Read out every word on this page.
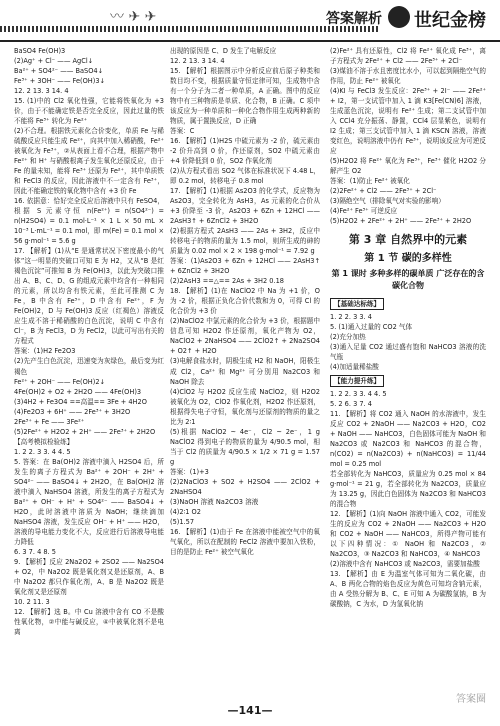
〰 ✈ ✈	答案解析 世纪金榜

BaSO4 Fe(OH)3

(2)Ag⁺ + Cl⁻ —— AgCl↓

Ba²⁺ + SO4²⁻ —— BaSO4↓

Fe³⁺ + 3OH⁻ —— Fe(OH)3↓

12. 2 13. 3 14. 4

15. (1)中的 Cl2 氧化性强，它能将铁氧化为 +3 价，由于不能确定铁是否完全反应，因此过量的铁不能将 Fe³⁺ 转化为 Fe²⁺

(2)不合理。根据铁元素化合价变化，单质 Fe 与稀硫酸反应只能生成 Fe²⁺，向其中加入稀硝酸，Fe²⁺ 被氧化为 Fe³⁺，②从表面上看不合理，根据产物中 Fe²⁺ 和 H⁺ 与硝酸根离子发生氧化还原反应，由于 Fe 的量未知，能将 Fe³⁺ 还原为 Fe²⁺，其中单质铁和 FeCl3 的反应，因此溶液中不一定含有 Fe³⁺，因此不能确定铁的氧化物中含有 +3 价 Fe

16. 依据意：恰好完全反应后溶液中只有 FeSO4，根据 S 元素守恒 n(Fe²⁺) = n(SO4²⁻) = n(H2SO4) = 0.1 mol·L⁻¹ × 1 L × 50 mL × 10⁻³ L·mL⁻¹ = 0.1 mol，即 m(Fe) = 0.1 mol × 56 g·mol⁻¹ = 5.6 g

17. 【解析】(1)从“E 是通常状况下密度最小的气体”这一明显的突破口可知 E 为 H2，又从“B 是红褐色沉淀”可推知 B 为 Fe(OH)3，以此为突破口推出 A、B、C、D、G 的组成元素中均含有一种相同的元素，所以均含有铁元素，至此可推测 C 为 Fe，B 中含有 Fe³⁺，D 中含有 Fe²⁺，F 为 Fe(OH)2，D 与 Fe(OH)3 反应（红褐色）溶液反应生成不溶于稀硝酸的白色沉淀，说明 C 中含有 Cl⁻，B 为 FeCl3，D 为 FeCl2，以此可写出有关的方程式

答案：(1)H2 Fe2O3

(2)先产生白色沉淀，迅速变为灰绿色，最后变为红褐色

Fe²⁺ + 2OH⁻ —— Fe(OH)2↓

4Fe(OH)2 + O2 + 2H2O —— 4Fe(OH)3

(3)4H2 + Fe3O4 ==高温== 3Fe + 4H2O

(4)Fe2O3 + 6H⁺ —— 2Fe³⁺ + 3H2O

2Fe³⁺ + Fe —— 3Fe²⁺

(5)2Fe²⁺ + H2O2 + 2H⁺ —— 2Fe³⁺ + 2H2O

【高考模拟检验练】

1. 2 2. 3 3. 4 4. 5

5. 答案：在 Ba(OH)2 溶液中滴入 H2SO4 后，所发生的离子方程式为 Ba²⁺ + 2OH⁻ + 2H⁺ + SO4²⁻ —— BaSO4↓ + 2H2O，在 Ba(OH)2 溶液中滴入 NaHSO4 溶液，所发生的离子方程式为 Ba²⁺ + OH⁻ + H⁺ + SO4²⁻ —— BaSO4↓ + H2O，此时溶液中溶质为 NaOH；继续滴加 NaHSO4 溶液，发生反应 OH⁻ + H⁺ —— H2O，溶液的导电能力变化不大，反应进行后溶液导电能力降低

6. 3 7. 4 8. 5

9. 【解析】反应 2Na2O2 + 2SO2 —— Na2SO4 + O2，中 Na2O2 既是氧化剂又是还原剂，A、B 中 Na2O2 都只作氧化剂，A、B 是 Na2O2 既是氧化剂又是还原剂

10. 2 11. 3

12. 【解析】选 B。中 Cu 溶液中含有 CO 不是酸性氧化物，②中能与碱反应，④中被氧化剂不是电离

出现的原因是 C、D 发生了电解反应

12. 2 13. 3 14. 4

15. 【解析】根据图示中分析反应前后原子种类和数目均不变，根据质量守恒定律可知，生成物中含有一个分子为二者一种单质，A 正确。图中的反应物中有三种物质是单质、化合物，B 正确。C 项中该反应为一种单质和一种化合物作用生成两种新的物质，属于置换反应，D 正确

答案：C

16. 【解析】(1)H2S 中硫元素为 -2 价，硫元素由 -2 价升高到 0 价，作还原剂，SO2 中硫元素由 +4 价降低到 0 价，SO2 作氧化剂

(2)从方程式看出 SO2 气体在标准状况下 4.48 L，即 0.2 mol，转移电子 0.8 mol

17. 【解析】(1)根据 As2O3 的化学式，反应物为 As2O3，完全转化为 AsH3，As 元素的化合价从 +3 价降至 -3 价，As2O3 + 6Zn + 12HCl —— 2AsH3↑ + 6ZnCl2 + 3H2O

(2)根据方程式 2AsH3 —— 2As + 3H2，反应中转移电子的物质的量为 1.5 mol，则所生成的砷的质量为 0.02 mol × 2 × 198 g·mol⁻¹ = 7.92 g

答案：(1)As2O3 + 6Zn + 12HCl —— 2AsH3↑ + 6ZnCl2 + 3H2O

(2)2AsH3 ==△== 2As + 3H2 0.18

18. 【解析】(1)在 NaClO2 中 Na 为 +1 价，O 为 -2 价，根据正负化合价代数和为 0，可得 Cl 的化合价为 +3 价

(2)NaClO2 中氯元素的化合价为 +3 价，根据题中信息可知 H2O2 作还原剂，氧化产物为 O2，NaClO2 + 2NaHSO4 —— 2ClO2↑ + 2Na2SO4 + O2↑ + H2O

(3)电解食盐水时，阴极生成 H2 和 NaOH，阳极生成 Cl2，Ca²⁺ 和 Mg²⁺ 可分别用 Na2CO3 和 NaOH 除去

(4)ClO2 与 H2O2 反应生成 NaClO2，则 H2O2 被氧化为 O2，ClO2 作氧化剂，H2O2 作还原剂，根据得失电子守恒，氧化剂与还原剂的物质的量之比为 2∶1

(5)根据 NaClO2 ~ 4e⁻，Cl2 ~ 2e⁻，1 g NaClO2 得到电子的物质的量为 4/90.5 mol，相当于 Cl2 的质量为 4/90.5 × 1/2 × 71 g = 1.57 g

答案：(1)+3

(2)2NaClO3 + SO2 + H2SO4 —— 2ClO2 + 2NaHSO4

(3)NaOH 溶液 Na2CO3 溶液

(4)2∶1 O2

(5)1.57

16. 【解析】(1)由于 Fe 在溶液中能被空气中的氧气氧化，所以在配制的 FeCl2 溶液中要加入铁粉，目的是防止 Fe²⁺ 被空气氧化

(2)Fe²⁺ 具有还原性，Cl2 将 Fe²⁺ 氧化成 Fe³⁺，离子方程式为 2Fe²⁺ + Cl2 —— 2Fe³⁺ + 2Cl⁻

(3)煤油不溶于水且密度比水小，可以起到隔绝空气的作用，防止 Fe²⁺ 被氧化

(4)KI 与 FeCl3 发生反应：2Fe³⁺ + 2I⁻ —— 2Fe²⁺ + I2，第一支试管中加入 1 滴 K3[Fe(CN)6] 溶液，生成蓝色沉淀，说明有 Fe²⁺ 生成；第二支试管中加入 CCl4 充分振荡、静置，CCl4 层显紫色，说明有 I2 生成；第三支试管中加入 1 滴 KSCN 溶液，溶液变红色，说明溶液中仍有 Fe³⁺，说明该反应为可逆反应

(5)H2O2 将 Fe²⁺ 氧化为 Fe³⁺，Fe³⁺ 催化 H2O2 分解产生 O2

答案：(1)防止 Fe²⁺ 被氧化

(2)2Fe²⁺ + Cl2 —— 2Fe³⁺ + 2Cl⁻

(3)隔绝空气（排除氧气对实验的影响）

(4)Fe²⁺ Fe³⁺ 可逆反应

(5)H2O2 + 2Fe²⁺ + 2H⁺ —— 2Fe³⁺ + 2H2O

第 3 章 自然界中的元素
第 1 节 碳的多样性
第 1 课时 多种多样的碳单质 广泛存在的含碳化合物
【基础达标练】

1. 2 2. 3 3. 4

5. (1)通入过量的 CO2 气体

(2)充分加热

(3)通入足量 CO2 通过盛有饱和 NaHCO3 溶液的洗气瓶

(4)加适量稀盐酸

【能力提升练】

1. 2 2. 3 3. 4 4. 5

5. 2 6. 3 7. 4

11. 【解析】将 CO2 通入 NaOH 的水溶液中，发生反应 CO2 + 2NaOH —— Na2CO3 + H2O，CO2 + NaOH —— NaHCO3，白色固体可能为 NaOH 和 Na2CO3 或 Na2CO3 和 NaHCO3 的混合物，n(CO2) = n(Na2CO3) + n(NaHCO3) = 11/44 mol = 0.25 mol

若全部转化为 NaHCO3，质量应为 0.25 mol × 84 g·mol⁻¹ = 21 g，若全部转化为 Na2CO3，质量应为 13.25 g，因此白色固体为 Na2CO3 和 NaHCO3 的混合物

12. 【解析】(1)向 NaOH 溶液中通入 CO2，可能发生的反应为 CO2 + 2NaOH —— Na2CO3 + H2O 和 CO2 + NaOH —— NaHCO3，所得产物可能有以下四种情况：① NaOH 和 Na2CO3，② Na2CO3，③ Na2CO3 和 NaHCO3，④ NaHCO3

(2)溶液中含有 NaHCO3 或 Na2CO3，需要加盐酸

13. 【解析】由 E 为温室气体可知为二氧化碳，由 A、B 两化合物的焰色反应为黄色可知均含钠元素，由 A 受热分解为 B、C、E 可知 A 为碳酸氢钠，B 为碳酸钠，C 为水，D 为氢氧化钠

—141—
答案圈
